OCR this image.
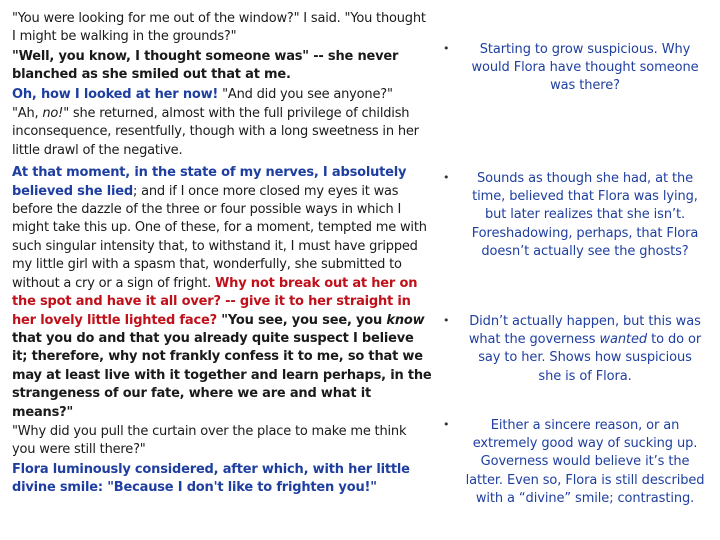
"You were looking for me out of the window?" I said. "You thought I might be walking in the grounds?"

"Well, you know, I thought someone was" -- she never blanched as she smiled out that at me.

Oh, how I looked at her now! "And did you see anyone?"

"Ah, no!" she returned, almost with the full privilege of childish inconsequence, resentfully, though with a long sweetness in her little drawl of the negative.

At that moment, in the state of my nerves, I absolutely believed she lied; and if I once more closed my eyes it was before the dazzle of the three or four possible ways in which I might take this up. One of these, for a moment, tempted me with such singular intensity that, to withstand it, I must have gripped my little girl with a spasm that, wonderfully, she submitted to without a cry or a sign of fright. Why not break out at her on the spot and have it all over? -- give it to her straight in her lovely little lighted face? "You see, you see, you know that you do and that you already quite suspect I believe it; therefore, why not frankly confess it to me, so that we may at least live with it together and learn perhaps, in the strangeness of our fate, where we are and what it means?"

"Why did you pull the curtain over the place to make me think you were still there?"

Flora luminously considered, after which, with her little divine smile: "Because I don't like to frighten you!"

•	Starting to grow suspicious. Why would Flora have thought someone was there?
•	Sounds as though she had, at the time, believed that Flora was lying, but later realizes that she isn’t. Foreshadowing, perhaps, that Flora doesn’t actually see the ghosts?
•	Didn’t actually happen, but this was what the governess wanted to do or say to her. Shows how suspicious she is of Flora.
•	Either a sincere reason, or an extremely good way of sucking up. Governess would believe it’s the latter. Even so, Flora is still described with a “divine” smile; contrasting.
